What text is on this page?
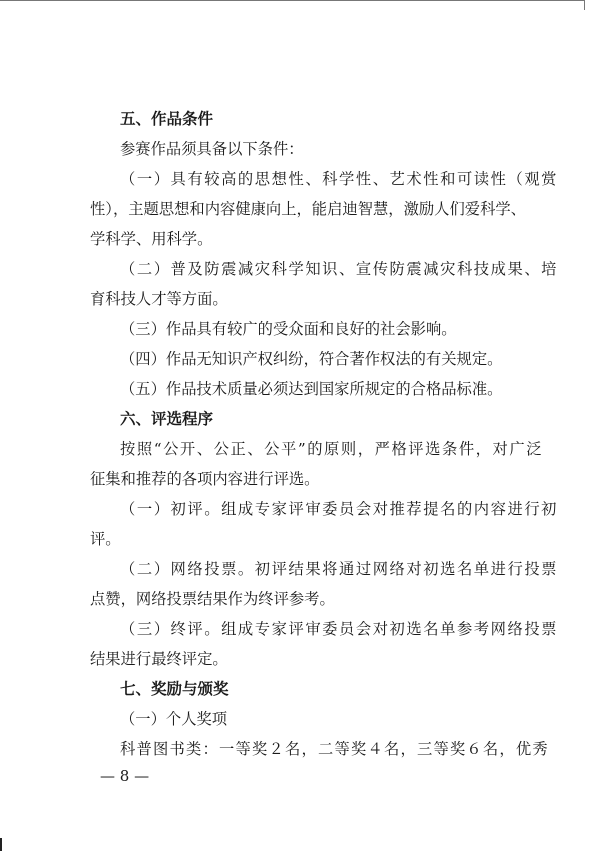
五、作品条件
参赛作品须具备以下条件：
（一）具有较高的思想性、科学性、艺术性和可读性（观赏
性），主题思想和内容健康向上，能启迪智慧，激励人们爱科学、
学科学、用科学。
（二）普及防震减灾科学知识、宣传防震减灾科技成果、培
育科技人才等方面。
（三）作品具有较广的受众面和良好的社会影响。
（四）作品无知识产权纠纷，符合著作权法的有关规定。
（五）作品技术质量必须达到国家所规定的合格品标准。
六、评选程序
按照“公开、公正、公平”的原则，严格评选条件，对广泛
征集和推荐的各项内容进行评选。
（一）初评。组成专家评审委员会对推荐提名的内容进行初
评。
（二）网络投票。初评结果将通过网络对初选名单进行投票
点赞，网络投票结果作为终评参考。
（三）终评。组成专家评审委员会对初选名单参考网络投票
结果进行最终评定。
七、奖励与颁奖
（一）个人奖项
科普图书类：一等奖２名，二等奖４名，三等奖６名，优秀
— 8 —
